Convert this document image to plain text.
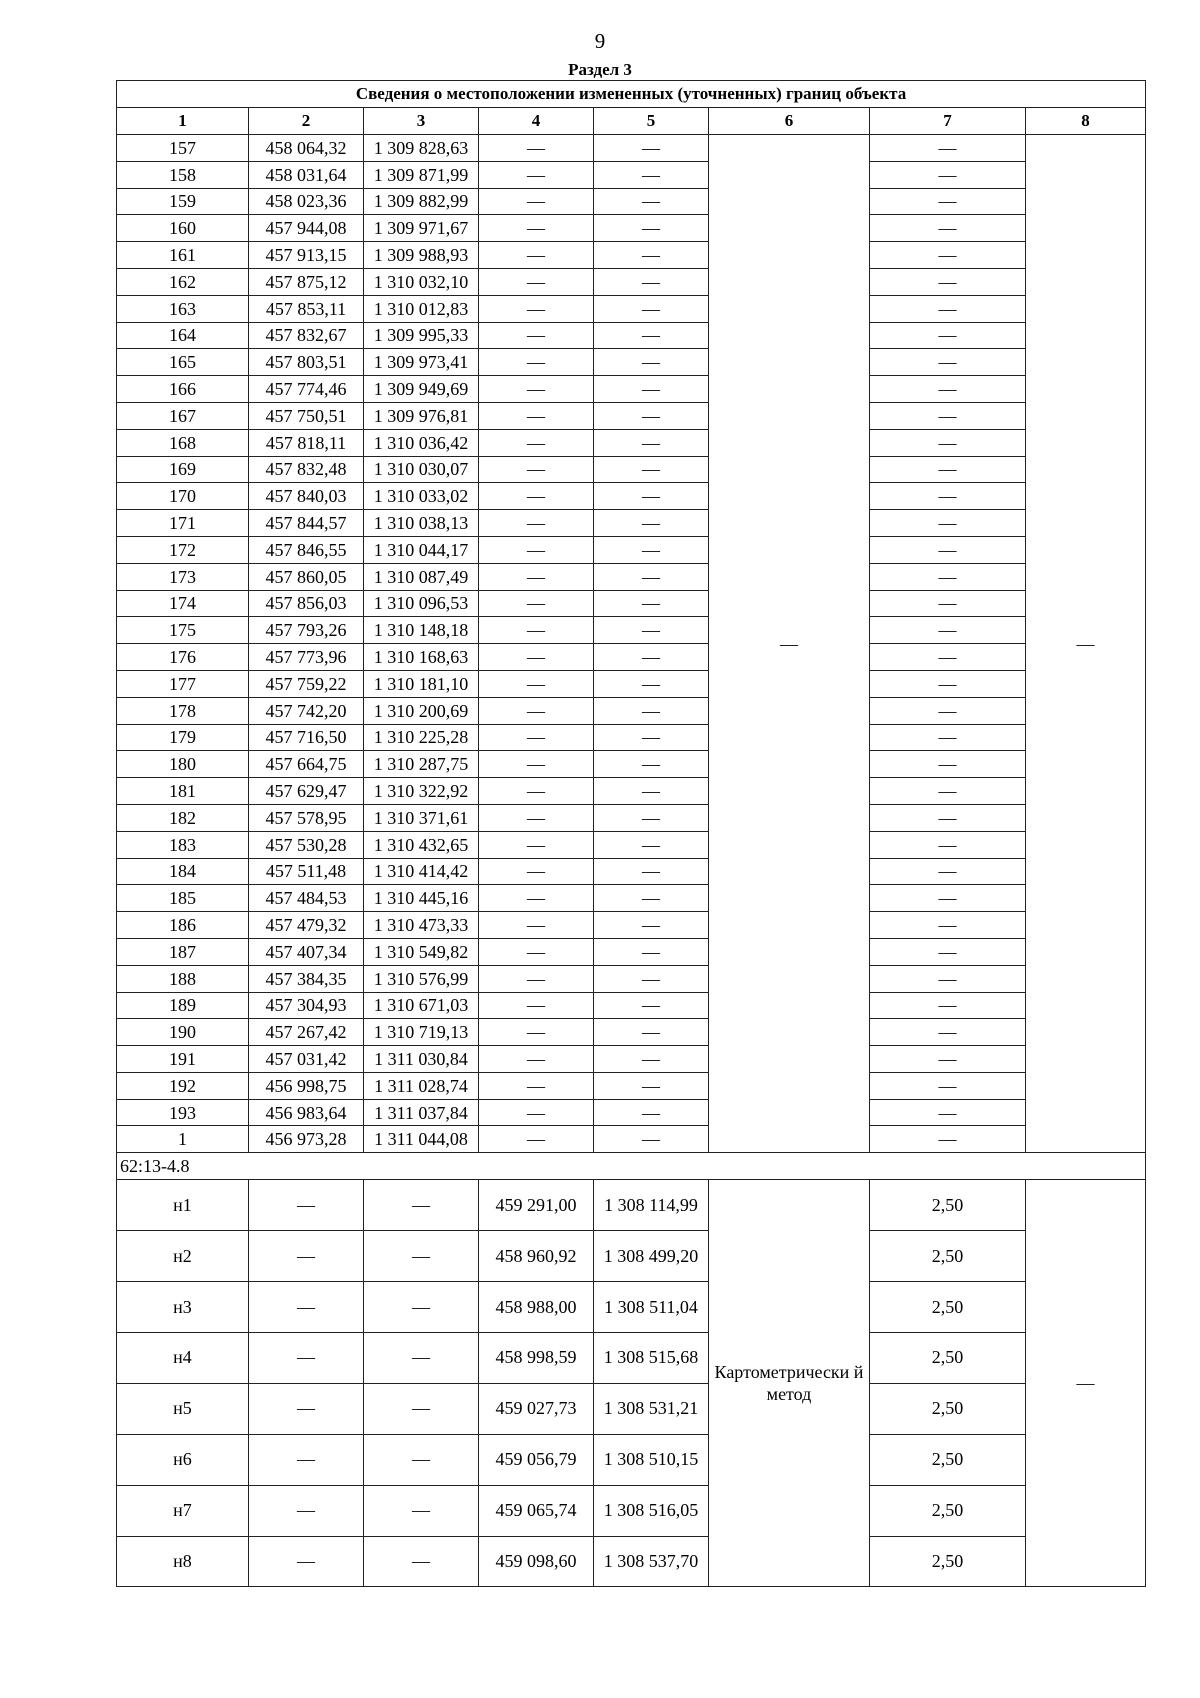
9
Раздел 3
Сведения о местоположении измененных (уточненных) границ объекта							
1	2	3	4	5	6	7	8
157	458 064,32	1 309 828,63	—	—	—	—	—
158	458 031,64	1 309 871,99	—	—		—	
159	458 023,36	1 309 882,99	—	—		—	
160	457 944,08	1 309 971,67	—	—		—	
161	457 913,15	1 309 988,93	—	—		—	
162	457 875,12	1 310 032,10	—	—		—	
163	457 853,11	1 310 012,83	—	—		—	
164	457 832,67	1 309 995,33	—	—		—	
165	457 803,51	1 309 973,41	—	—		—	
166	457 774,46	1 309 949,69	—	—		—	
167	457 750,51	1 309 976,81	—	—		—	
168	457 818,11	1 310 036,42	—	—		—	
169	457 832,48	1 310 030,07	—	—		—	
170	457 840,03	1 310 033,02	—	—		—	
171	457 844,57	1 310 038,13	—	—		—	
172	457 846,55	1 310 044,17	—	—		—	
173	457 860,05	1 310 087,49	—	—		—	
174	457 856,03	1 310 096,53	—	—		—	
175	457 793,26	1 310 148,18	—	—		—	
176	457 773,96	1 310 168,63	—	—		—	
177	457 759,22	1 310 181,10	—	—		—	
178	457 742,20	1 310 200,69	—	—		—	
179	457 716,50	1 310 225,28	—	—		—	
180	457 664,75	1 310 287,75	—	—		—	
181	457 629,47	1 310 322,92	—	—		—	
182	457 578,95	1 310 371,61	—	—		—	
183	457 530,28	1 310 432,65	—	—		—	
184	457 511,48	1 310 414,42	—	—		—	
185	457 484,53	1 310 445,16	—	—		—	
186	457 479,32	1 310 473,33	—	—		—	
187	457 407,34	1 310 549,82	—	—		—	
188	457 384,35	1 310 576,99	—	—		—	
189	457 304,93	1 310 671,03	—	—		—	
190	457 267,42	1 310 719,13	—	—		—	
191	457 031,42	1 311 030,84	—	—		—	
192	456 998,75	1 311 028,74	—	—		—	
193	456 983,64	1 311 037,84	—	—		—	
1	456 973,28	1 311 044,08	—	—		—	
62:13-4.8							
н1	—	—	459 291,00	1 308 114,99	Картометрически й метод	2,50	—
н2	—	—	458 960,92	1 308 499,20		2,50	
н3	—	—	458 988,00	1 308 511,04		2,50	
н4	—	—	458 998,59	1 308 515,68		2,50	
н5	—	—	459 027,73	1 308 531,21		2,50	
н6	—	—	459 056,79	1 308 510,15		2,50	
н7	—	—	459 065,74	1 308 516,05		2,50	
н8	—	—	459 098,60	1 308 537,70		2,50	
